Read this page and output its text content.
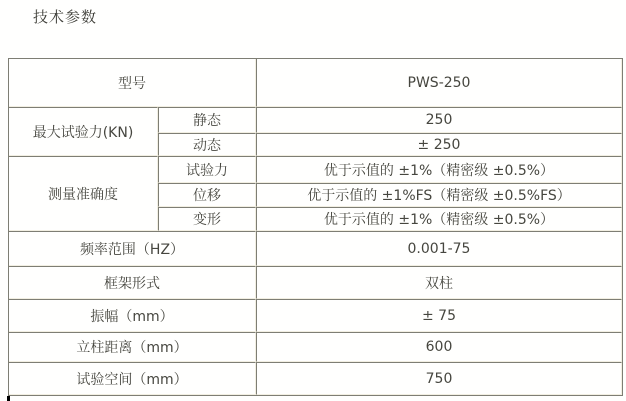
技术参数
型号		PWS-250
最大试验力(KN)	静态	250
	动态	± 250
测量准确度	试验力	优于示值的 ±1%（精密级 ±0.5%）
	位移	优于示值的 ±1%FS（精密级 ±0.5%FS）
	变形	优于示值的 ±1%（精密级 ±0.5%）
频率范围（HZ）		0.001-75
框架形式		双柱
振幅（mm）		± 75
立柱距离（mm）		600
试验空间（mm）		750
